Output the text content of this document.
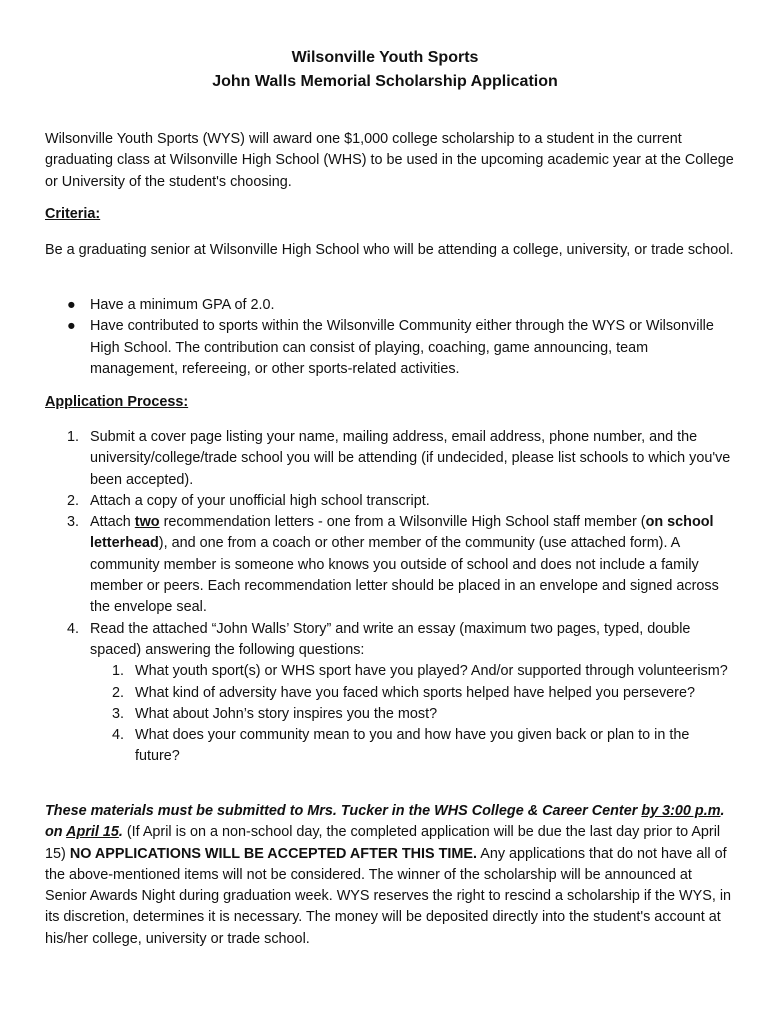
Wilsonville Youth Sports
John Walls Memorial Scholarship Application

Wilsonville Youth Sports (WYS) will award one $1,000 college scholarship to a student in the current graduating class at Wilsonville High School (WHS) to be used in the upcoming academic year at the College or University of the student's choosing.

Criteria:

Be a graduating senior at Wilsonville High School who will be attending a college, university, or trade school.

● Have a minimum GPA of 2.0.
● Have contributed to sports within the Wilsonville Community either through the WYS or Wilsonville High School. The contribution can consist of playing, coaching, game announcing, team management, refereeing, or other sports-related activities.

Application Process:

1. Submit a cover page listing your name, mailing address, email address, phone number, and the university/college/trade school you will be attending (if undecided, please list schools to which you've been accepted).
2. Attach a copy of your unofficial high school transcript.
3. Attach two recommendation letters - one from a Wilsonville High School staff member (on school letterhead), and one from a coach or other member of the community (use attached form). A community member is someone who knows you outside of school and does not include a family member or peers. Each recommendation letter should be placed in an envelope and signed across the envelope seal.
4. Read the attached “John Walls’ Story” and write an essay (maximum two pages, typed, double spaced) answering the following questions:
1. What youth sport(s) or WHS sport have you played? And/or supported through volunteerism?
2. What kind of adversity have you faced which sports helped have helped you persevere?
3. What about John’s story inspires you the most?
4. What does your community mean to you and how have you given back or plan to in the future?

These materials must be submitted to Mrs. Tucker in the WHS College & Career Center by 3:00 p.m. on April 15. (If April is on a non-school day, the completed application will be due the last day prior to April 15) NO APPLICATIONS WILL BE ACCEPTED AFTER THIS TIME. Any applications that do not have all of the above-mentioned items will not be considered. The winner of the scholarship will be announced at Senior Awards Night during graduation week. WYS reserves the right to rescind a scholarship if the WYS, in its discretion, determines it is necessary. The money will be deposited directly into the student's account at his/her college, university or trade school.
